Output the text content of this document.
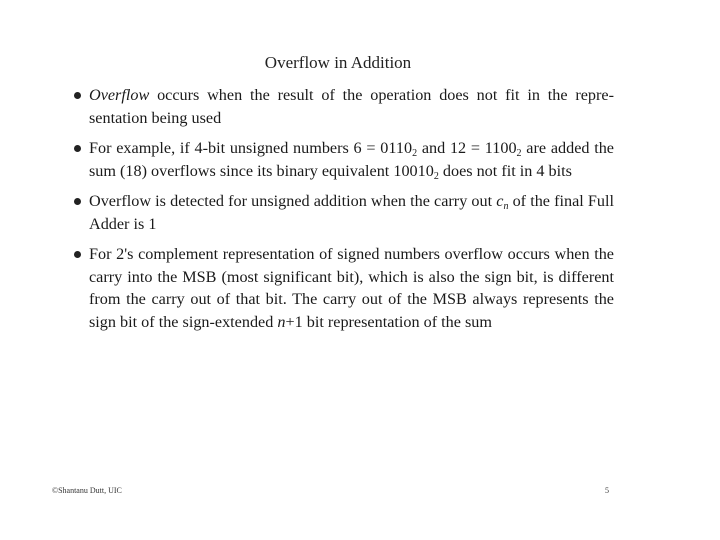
Overflow in Addition
Overflow occurs when the result of the operation does not fit in the repre-sentation being used
For example, if 4-bit unsigned numbers $6 = 0110_2$ and $12 = 1100_2$ are added the sum (18) overflows since its binary equivalent $10010_2$ does not fit in 4 bits
Overflow is detected for unsigned addition when the carry out $c_n$ of the final Full Adder is 1
For 2's complement representation of signed numbers overflow occurs when the carry into the MSB (most significant bit), which is also the sign bit, is different from the carry out of that bit. The carry out of the MSB always represents the sign bit of the sign-extended n+1 bit representation of the sum
©Shantanu Dutt, UIC	5
